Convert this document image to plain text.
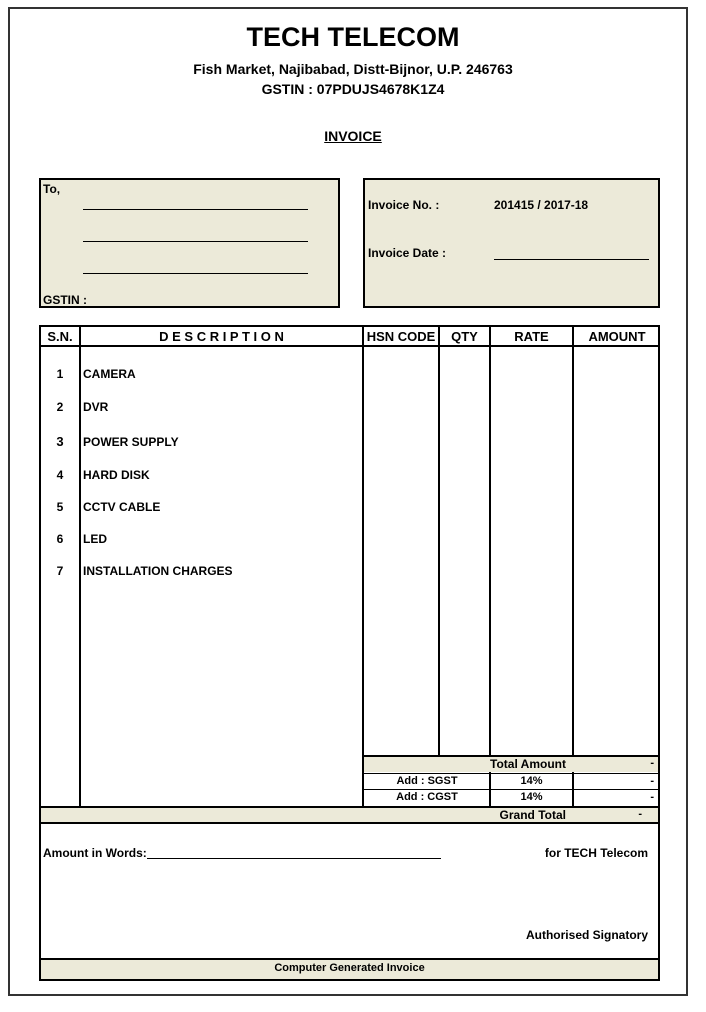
TECH TELECOM
Fish Market, Najibabad, Distt-Bijnor, U.P. 246763
GSTIN : 07PDUJS4678K1Z4
INVOICE
To,
GSTIN :
Invoice No. :	201415 / 2017-18
Invoice Date :
S.N.	D E S C R I P T I O N	HSN CODE	QTY	RATE	AMOUNT
1	CAMERA
2	DVR
3	POWER SUPPLY
4	HARD DISK
5	CCTV CABLE
6	LED
7	INSTALLATION CHARGES
Total Amount	-
Add : SGST	14%	-
Add : CGST	14%	-
Grand Total	-
Amount in Words:	for TECH Telecom
Authorised Signatory
Computer Generated Invoice
